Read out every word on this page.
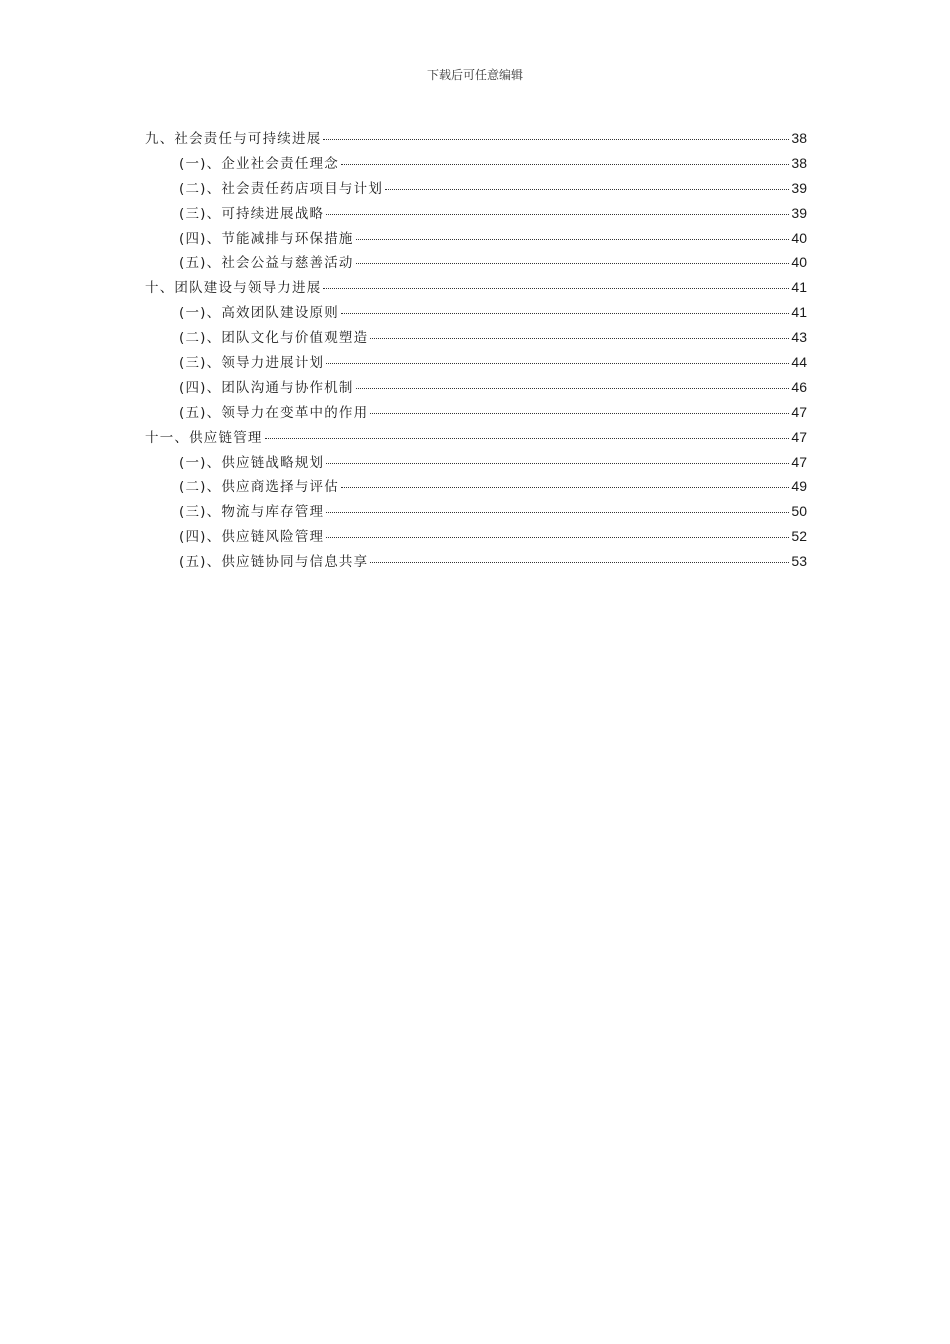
下载后可任意编辑
九、社会责任与可持续进展	38
(一)、企业社会责任理念	38
(二)、社会责任药店项目与计划	39
(三)、可持续进展战略	39
(四)、节能减排与环保措施	40
(五)、社会公益与慈善活动	40
十、团队建设与领导力进展	41
(一)、高效团队建设原则	41
(二)、团队文化与价值观塑造	43
(三)、领导力进展计划	44
(四)、团队沟通与协作机制	46
(五)、领导力在变革中的作用	47
十一、供应链管理	47
(一)、供应链战略规划	47
(二)、供应商选择与评估	49
(三)、物流与库存管理	50
(四)、供应链风险管理	52
(五)、供应链协同与信息共享	53
